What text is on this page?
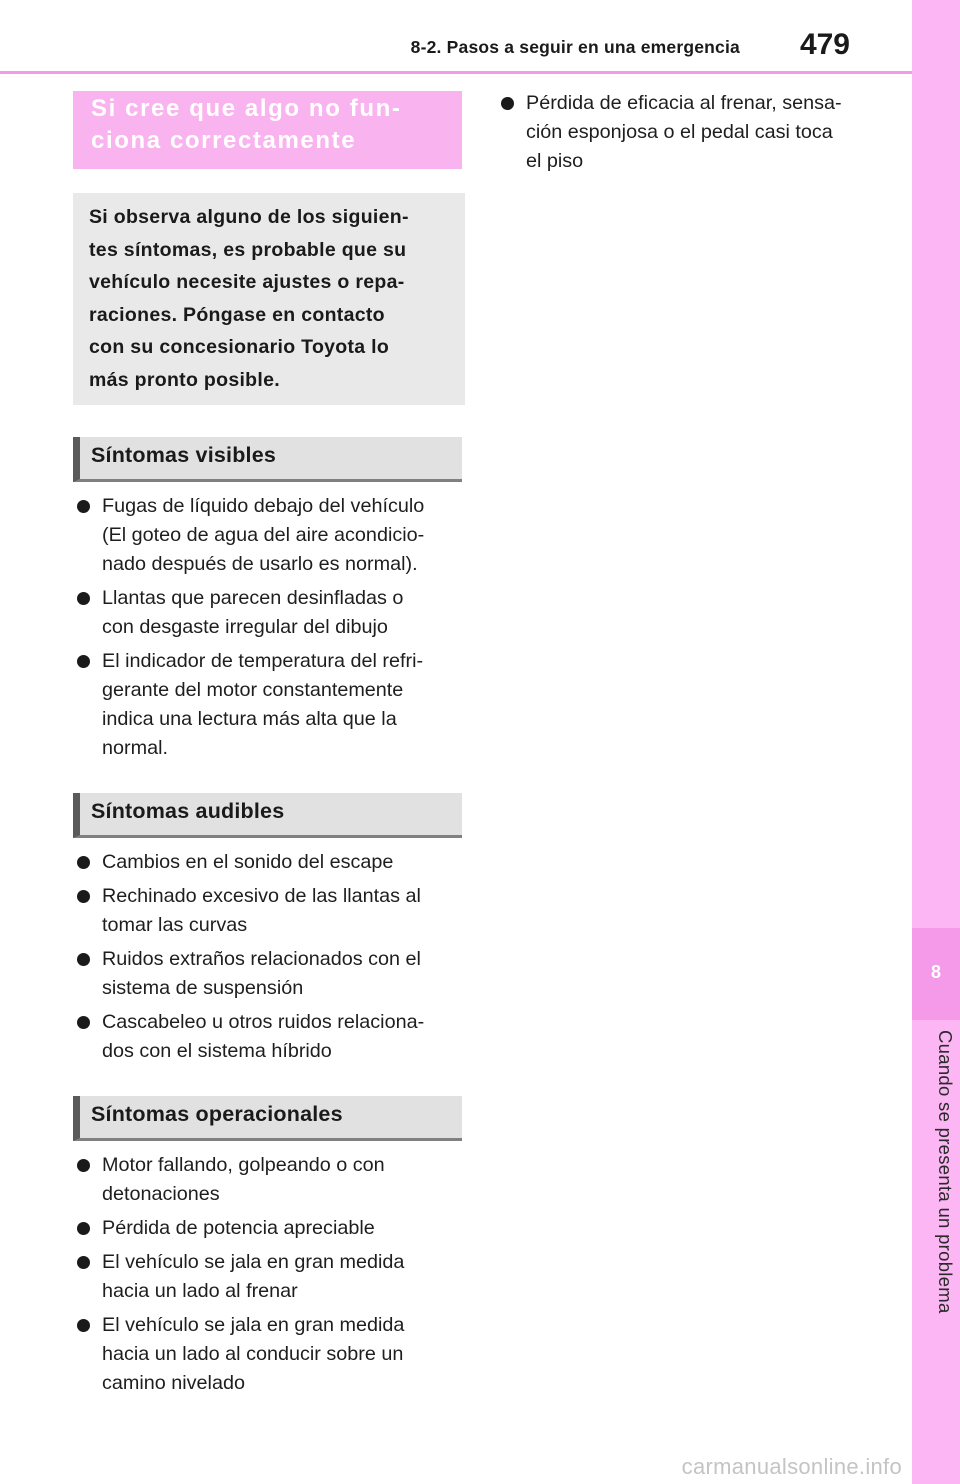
8-2. Pasos a seguir en una emergencia 479
8
Cuando se presenta un problema
Si cree que algo no fun-
ciona correctamente
Si observa alguno de los siguien-
tes síntomas, es probable que su
vehículo necesite ajustes o repa-
raciones. Póngase en contacto
con su concesionario Toyota lo
más pronto posible.
Síntomas visibles
Fugas de líquido debajo del vehículo
(El goteo de agua del aire acondicio-
nado después de usarlo es normal).
Llantas que parecen desinfladas o
con desgaste irregular del dibujo
El indicador de temperatura del refri-
gerante del motor constantemente
indica una lectura más alta que la
normal.
Síntomas audibles
Cambios en el sonido del escape
Rechinado excesivo de las llantas al
tomar las curvas
Ruidos extraños relacionados con el
sistema de suspensión
Cascabeleo u otros ruidos relaciona-
dos con el sistema híbrido
Síntomas operacionales
Motor fallando, golpeando o con
detonaciones
Pérdida de potencia apreciable
El vehículo se jala en gran medida
hacia un lado al frenar
El vehículo se jala en gran medida
hacia un lado al conducir sobre un
camino nivelado
Pérdida de eficacia al frenar, sensa-
ción esponjosa o el pedal casi toca
el piso
carmanualsonline.info
